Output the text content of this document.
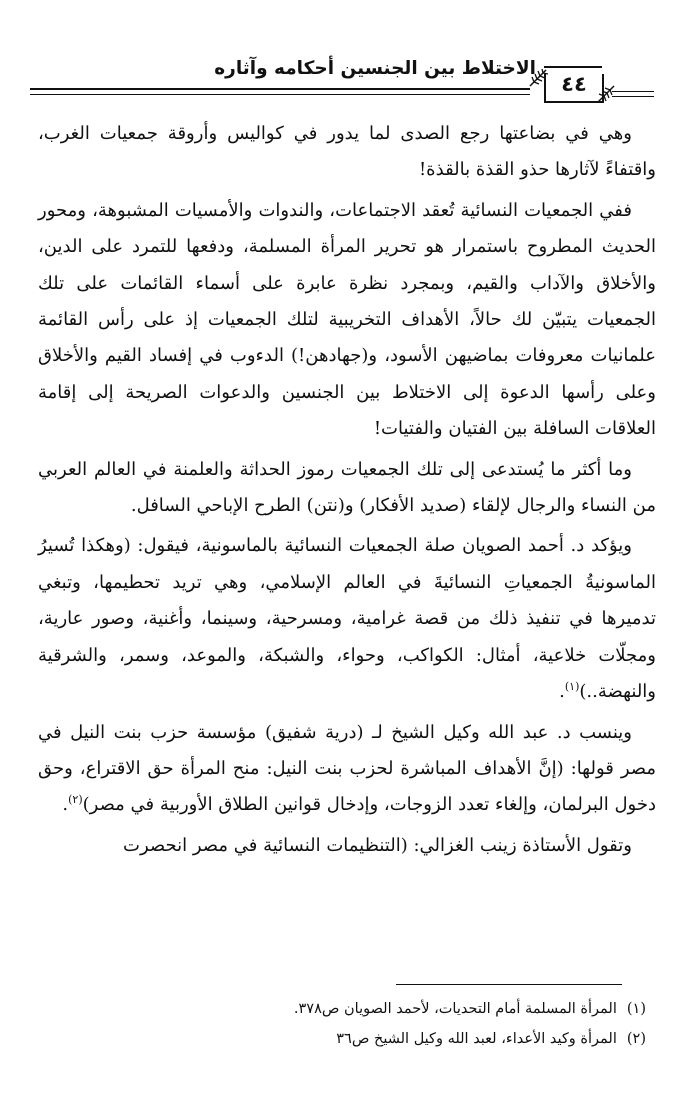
الاختلاط بين الجنسين أحكامه وآثاره
٤٤

وهي في بضاعتها رجع الصدى لما يدور في كواليس وأروقة جمعيات الغرب، واقتفاءً لآثارها حذو القذة بالقذة!

ففي الجمعيات النسائية تُعقد الاجتماعات، والندوات والأمسيات المشبوهة، ومحور الحديث المطروح باستمرار هو تحرير المرأة المسلمة، ودفعها للتمرد على الدين، والأخلاق والآداب والقيم، وبمجرد نظرة عابرة على أسماء القائمات على تلك الجمعيات يتبيّن لك حالاً، الأهداف التخريبية لتلك الجمعيات إذ على رأس القائمة علمانيات معروفات بماضيهن الأسود، و(جهادهن!) الدءوب في إفساد القيم والأخلاق وعلى رأسها الدعوة إلى الاختلاط بين الجنسين والدعوات الصريحة إلى إقامة العلاقات السافلة بين الفتيان والفتيات!

وما أكثر ما يُستدعى إلى تلك الجمعيات رموز الحداثة والعلمنة في العالم العربي من النساء والرجال لإلقاء (صديد الأفكار) و(نتن) الطرح الإباحي السافل.

ويؤكد د. أحمد الصويان صلة الجمعيات النسائية بالماسونية، فيقول: (وهكذا تُسيرُ الماسونيةُ الجمعياتِ النسائيةَ في العالم الإسلامي، وهي تريد تحطيمها، وتبغي تدميرها في تنفيذ ذلك من قصة غرامية، ومسرحية، وسينما، وأغنية، وصور عارية، ومجلّات خلاعية، أمثال: الكواكب، وحواء، والشبكة، والموعد، وسمر، والشرقية والنهضة..)$^{(١)}$.

وينسب د. عبد الله وكيل الشيخ لـ (درية شفيق) مؤسسة حزب بنت النيل في مصر قولها: (إنَّ الأهداف المباشرة لحزب بنت النيل: منح المرأة حق الاقتراع، وحق دخول البرلمان، وإلغاء تعدد الزوجات، وإدخال قوانين الطلاق الأوربية في مصر)$^{(٢)}$.

وتقول الأستاذة زينب الغزالي: (التنظيمات النسائية في مصر انحصرت

(١)المرأة المسلمة أمام التحديات، لأحمد الصويان ص٣٧٨.
(٢)المرأة وكيد الأعداء، لعبد الله وكيل الشيخ ص٣٦
